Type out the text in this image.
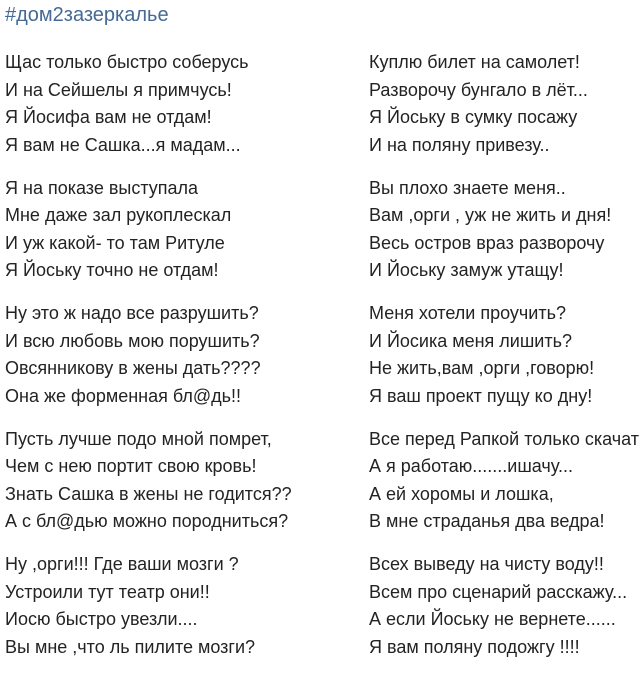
#дом2зазеркалье

Щас только быстро соберусь
И на Сейшелы я примчусь!
Я Йосифа вам не отдам!
Я вам не Сашка...я мадам...

Я на показе выступала
Мне даже зал рукоплескал
И уж какой- то там Ритуле
Я Йоську точно не отдам!

Ну это ж надо все разрушить?
И всю любовь мою порушить?
Овсянникову в жены дать????
Она же форменная бл@дь!!

Пусть лучше подо мной помрет,
Чем с нею портит свою кровь!
Знать Сашка в жены не годится??
А с бл@дью можно породниться?

Ну ,орги!!! Где ваши мозги ?
Устроили тут театр они!!
Иосю быстро увезли....
Вы мне ,что ль пилите мозги?

Куплю билет на самолет!
Разворочу бунгало в лёт...
Я Йоську в сумку посажу
И на поляну привезу..

Вы плохо знаете меня..
Вам ,орги , уж не жить и дня!
Весь остров враз разворочу
И Йоську замуж утащу!

Меня хотели проучить?
И Йосика меня лишить?
Не жить,вам ,орги ,говорю!
Я ваш проект пущу ко дну!

Все перед Рапкой только скачат
А я работаю.......ишачу...
А ей хоромы и лошка,
В мне страданья два ведра!

Всех выведу на чисту воду!!
Всем про сценарий расскажу...
А если Йоську не вернете......
Я вам поляну подожгу !!!!
